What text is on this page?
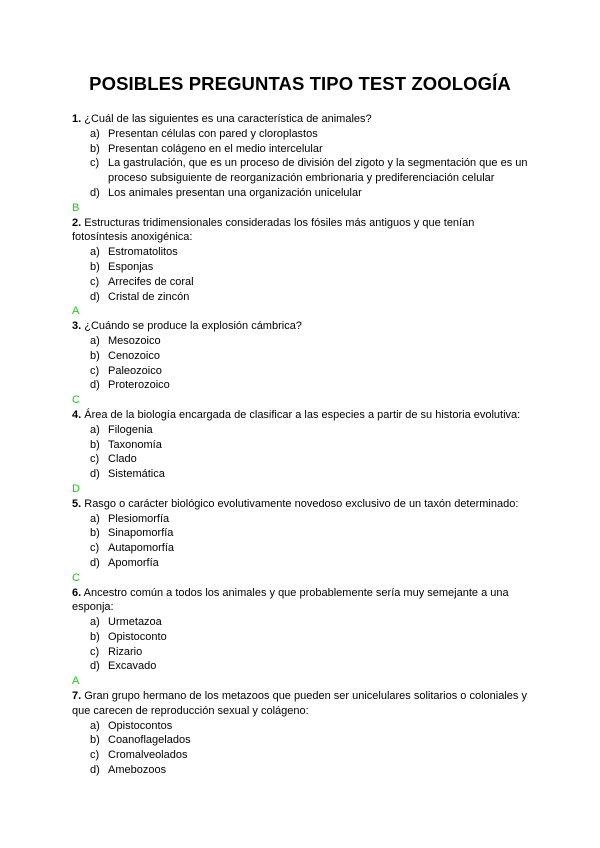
POSIBLES PREGUNTAS TIPO TEST ZOOLOGÍA
1. ¿Cuál de las siguientes es una característica de animales?
a) Presentan células con pared y cloroplastos
b) Presentan colágeno en el medio intercelular
c) La gastrulación, que es un proceso de división del zigoto y la segmentación que es un proceso subsiguiente de reorganización embrionaria y prediferenciación celular
d) Los animales presentan una organización unicelular
B
2. Estructuras tridimensionales consideradas los fósiles más antiguos y que tenían fotosíntesis anoxigénica:
a) Estromatolitos
b) Esponjas
c) Arrecifes de coral
d) Cristal de zincón
A
3. ¿Cuándo se produce la explosión cámbrica?
a) Mesozoico
b) Cenozoico
c) Paleozoico
d) Proterozoico
C
4. Área de la biología encargada de clasificar a las especies a partir de su historia evolutiva:
a) Filogenia
b) Taxonomía
c) Clado
d) Sistemática
D
5. Rasgo o carácter biológico evolutivamente novedoso exclusivo de un taxón determinado:
a) Plesiomorfía
b) Sinapomorfía
c) Autapomorfía
d) Apomorfía
C
6. Ancestro común a todos los animales y que probablemente sería muy semejante a una esponja:
a) Urmetazoa
b) Opistoconto
c) Rizario
d) Excavado
A
7. Gran grupo hermano de los metazoos que pueden ser unicelulares solitarios o coloniales y que carecen de reproducción sexual y colágeno:
a) Opistocontos
b) Coanoflagelados
c) Cromalveolados
d) Amebozoos
